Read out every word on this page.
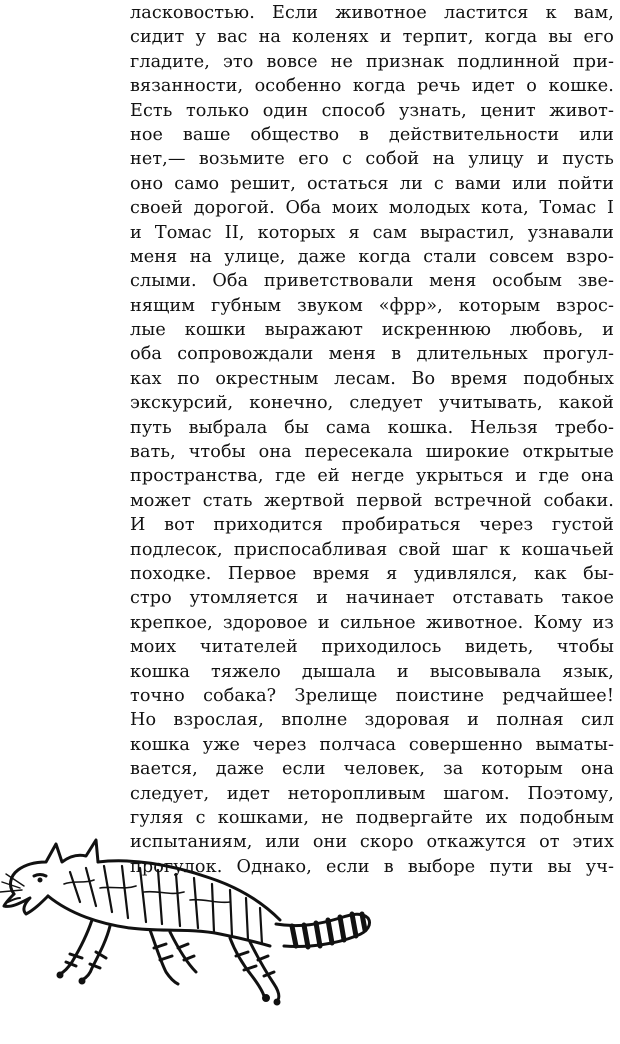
ласковостью. Если животное ластится к вам,
сидит у вас на коленях и терпит, когда вы его
гладите, это вовсе не признак подлинной при-
вязанности, особенно когда речь идет о кошке.
Есть только один способ узнать, ценит живот-
ное ваше общество в действительности или
нет,— возьмите его с собой на улицу и пусть
оно само решит, остаться ли с вами или пойти
своей дорогой. Оба моих молодых кота, Томас I
и Томас II, которых я сам вырастил, узнавали
меня на улице, даже когда стали совсем взро-
слыми. Оба приветствовали меня особым зве-
нящим губным звуком «фрр», которым взрос-
лые кошки выражают искреннюю любовь, и
оба сопровождали меня в длительных прогул-
ках по окрестным лесам. Во время подобных
экскурсий, конечно, следует учитывать, какой
путь выбрала бы сама кошка. Нельзя требо-
вать, чтобы она пересекала широкие открытые
пространства, где ей негде укрыться и где она
может стать жертвой первой встречной собаки.
И вот приходится пробираться через густой
подлесок, приспосабливая свой шаг к кошачьей
походке. Первое время я удивлялся, как бы-
стро утомляется и начинает отставать такое
крепкое, здоровое и сильное животное. Кому из
моих читателей приходилось видеть, чтобы
кошка тяжело дышала и высовывала язык,
точно собака? Зрелище поистине редчайшее!
Но взрослая, вполне здоровая и полная сил
кошка уже через полчаса совершенно выматы-
вается, даже если человек, за которым она
следует, идет неторопливым шагом. Поэтому,
гуляя с кошками, не подвергайте их подобным
испытаниям, или они скоро откажутся от этих
прогулок. Однако, если в выборе пути вы уч-
